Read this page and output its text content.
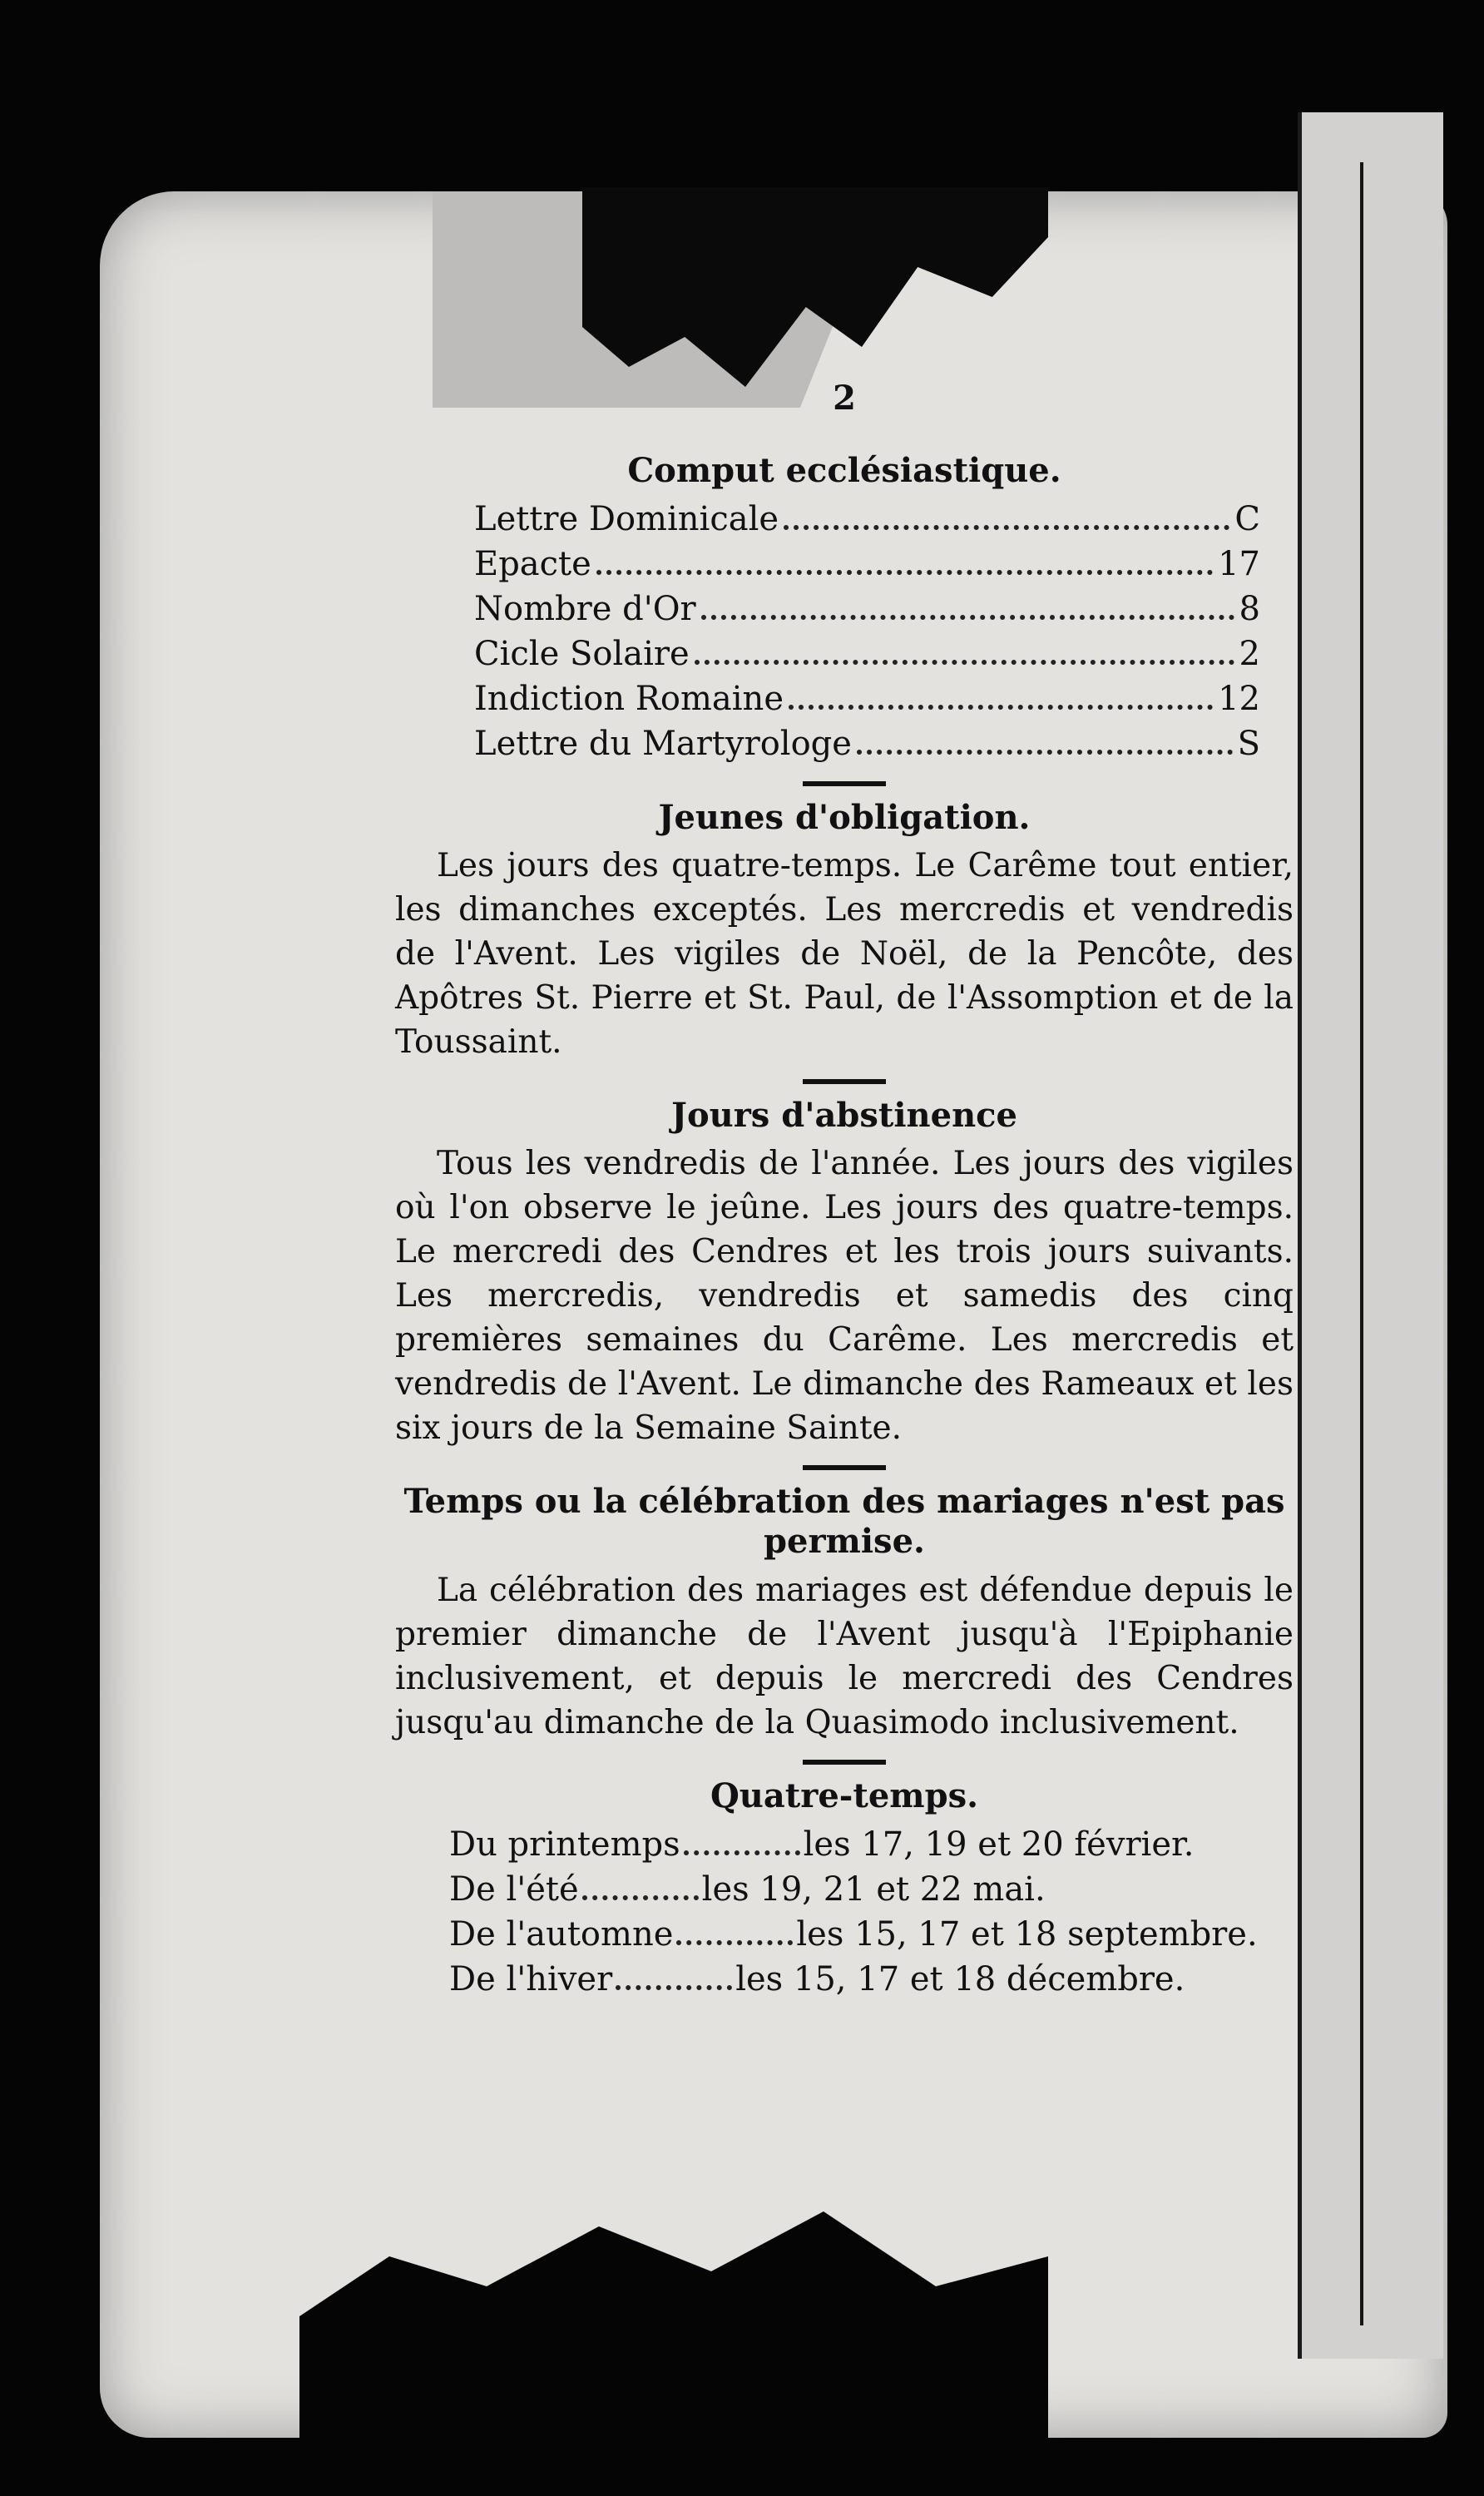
2
Comput ecclésiastique.
Lettre Dominicale	C
Epacte	17
Nombre d'Or	8
Cicle Solaire	2
Indiction Romaine	12
Lettre du Martyrologe	S
Jeunes d'obligation.

Les jours des quatre-temps. Le Carême tout entier, les dimanches exceptés. Les mercredis et vendredis de l'Avent. Les vigiles de Noël, de la Pencôte, des Apôtres St. Pierre et St. Paul, de l'Assomption et de la Toussaint.

Jours d'abstinence

Tous les vendredis de l'année. Les jours des vigiles où l'on observe le jeûne. Les jours des quatre-temps. Le mercredi des Cendres et les trois jours suivants. Les mercredis, vendredis et samedis des cinq premières semaines du Carême. Les mercredis et vendredis de l'Avent. Le dimanche des Rameaux et les six jours de la Semaine Sainte.

Temps ou la célébration des mariages n'est pas permise.

La célébration des mariages est défendue depuis le premier dimanche de l'Avent jusqu'à l'Epiphanie inclusivement, et depuis le mercredi des Cendres jusqu'au dimanche de la Quasimodo inclusivement.

Quatre-temps.
Du printemps	les 17, 19 et 20 février.
De l'été	les 19, 21 et 22 mai.
De l'automne	les 15, 17 et 18 septembre.
De l'hiver	les 15, 17 et 18 décembre.
